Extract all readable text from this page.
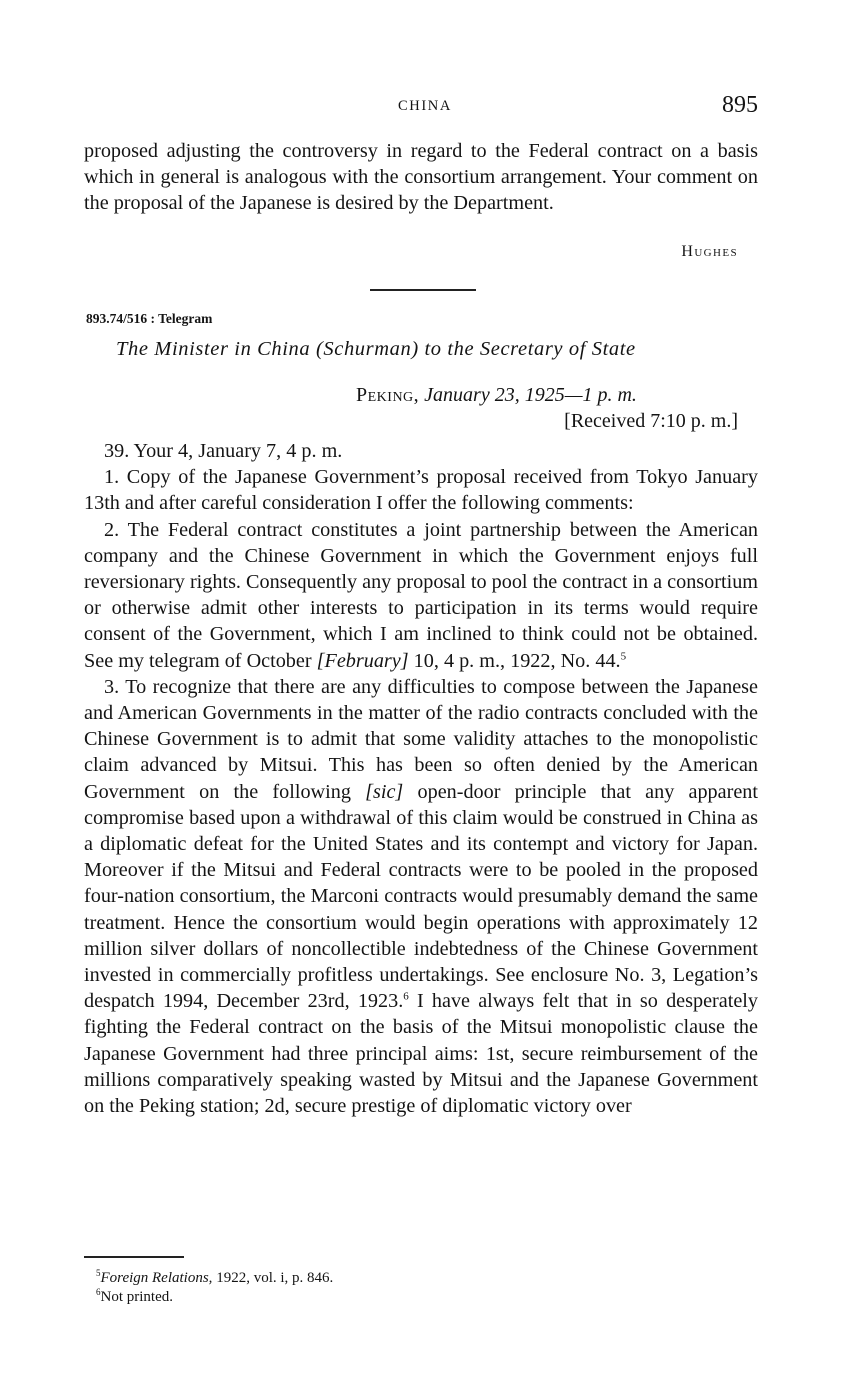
CHINA	895

proposed adjusting the controversy in regard to the Federal contract on a basis which in general is analogous with the consortium arrangement. Your comment on the proposal of the Japanese is desired by the Department.

Hughes
893.74/516 : Telegram
The Minister in China (Schurman) to the Secretary of State
Peking, January 23, 1925—1 p. m.
[Received 7:10 p. m.]

39. Your 4, January 7, 4 p. m.

1. Copy of the Japanese Government’s proposal received from Tokyo January 13th and after careful consideration I offer the following comments:

2. The Federal contract constitutes a joint partnership between the American company and the Chinese Government in which the Government enjoys full reversionary rights. Consequently any proposal to pool the contract in a consortium or otherwise admit other interests to participation in its terms would require consent of the Government, which I am inclined to think could not be obtained. See my telegram of October [February] 10, 4 p. m., 1922, No. 44.$^5$

3. To recognize that there are any difficulties to compose between the Japanese and American Governments in the matter of the radio contracts concluded with the Chinese Government is to admit that some validity attaches to the monopolistic claim advanced by Mitsui. This has been so often denied by the American Government on the following [sic] open-door principle that any apparent compromise based upon a withdrawal of this claim would be construed in China as a diplomatic defeat for the United States and its contempt and victory for Japan. Moreover if the Mitsui and Federal contracts were to be pooled in the proposed four-nation consortium, the Marconi contracts would presumably demand the same treatment. Hence the consortium would begin operations with approximately 12 million silver dollars of noncollectible indebtedness of the Chinese Government invested in commercially profitless undertakings. See enclosure No. 3, Legation’s despatch 1994, December 23rd, 1923.$^6$ I have always felt that in so desperately fighting the Federal contract on the basis of the Mitsui monopolistic clause the Japanese Government had three principal aims: 1st, secure reimbursement of the millions comparatively speaking wasted by Mitsui and the Japanese Government on the Peking station; 2d, secure prestige of diplomatic victory over

$^5$Foreign Relations, 1922, vol. i, p. 846.

$^6$Not printed.
